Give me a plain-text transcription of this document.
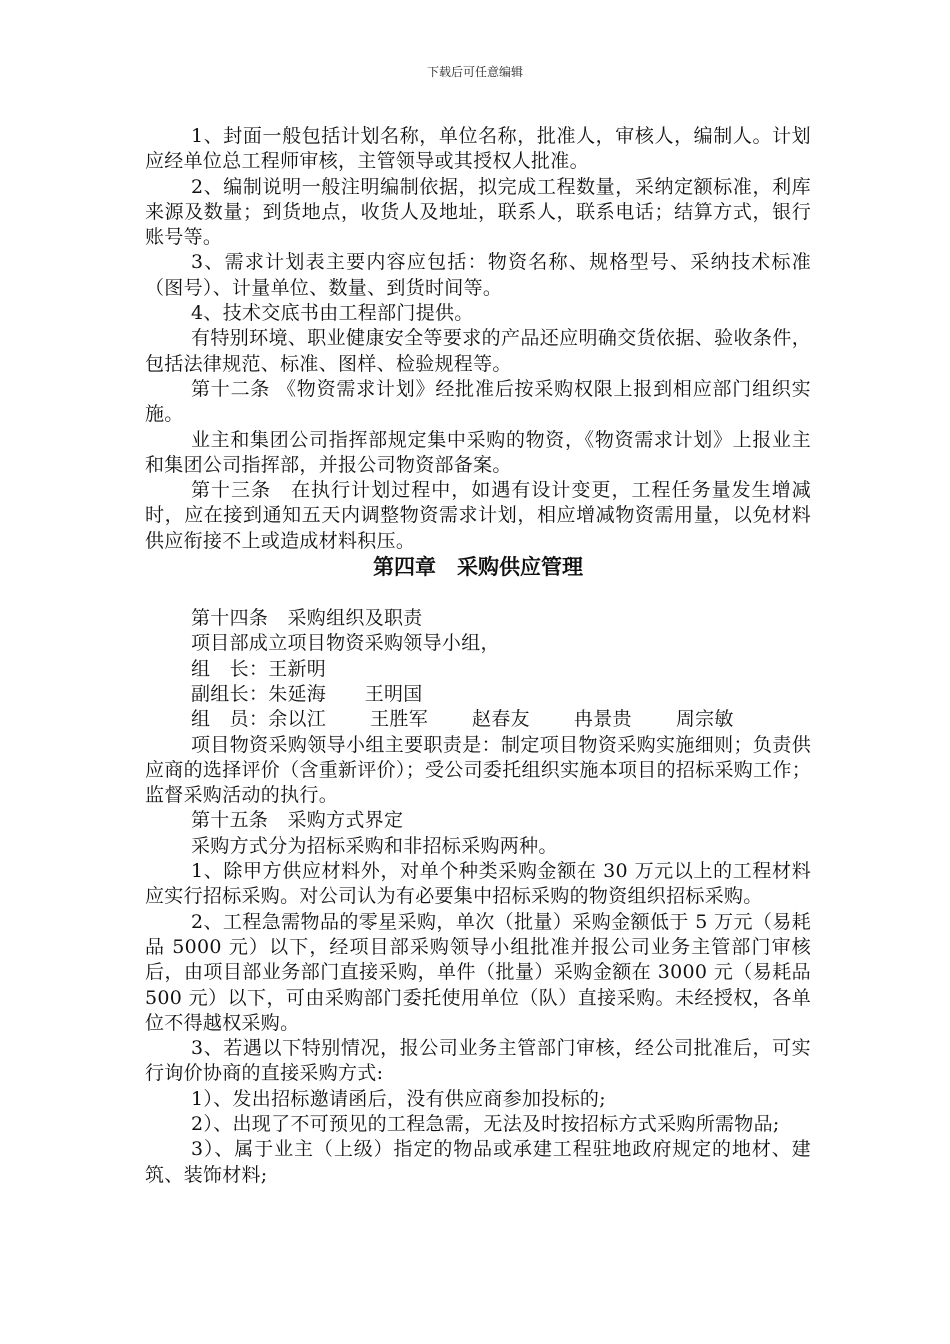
下载后可任意编辑

1、封面一般包括计划名称，单位名称，批准人，审核人，编制人。计划应经单位总工程师审核，主管领导或其授权人批准。

2、编制说明一般注明编制依据，拟完成工程数量，采纳定额标准，利库来源及数量；到货地点，收货人及地址，联系人，联系电话；结算方式，银行账号等。

3、需求计划表主要内容应包括：物资名称、规格型号、采纳技术标准（图号）、计量单位、数量、到货时间等。

4、技术交底书由工程部门提供。

有特别环境、职业健康安全等要求的产品还应明确交货依据、验收条件，包括法律规范、标准、图样、检验规程等。

第十二条 《物资需求计划》经批准后按采购权限上报到相应部门组织实施。

业主和集团公司指挥部规定集中采购的物资，《物资需求计划》上报业主和集团公司指挥部，并报公司物资部备案。

第十三条　在执行计划过程中，如遇有设计变更，工程任务量发生增减时，应在接到通知五天内调整物资需求计划，相应增减物资需用量，以免材料供应衔接不上或造成材料积压。

第四章　采购供应管理

第十四条　采购组织及职责

项目部成立项目物资采购领导小组，

组　长：王新明

副组长：朱延海　　王明国

组　员：余以江 王胜军 赵春友 冉景贵 周宗敏

项目物资采购领导小组主要职责是：制定项目物资采购实施细则；负责供应商的选择评价（含重新评价）；受公司委托组织实施本项目的招标采购工作；监督采购活动的执行。

第十五条　采购方式界定

采购方式分为招标采购和非招标采购两种。

1、除甲方供应材料外，对单个种类采购金额在 30 万元以上的工程材料应实行招标采购。对公司认为有必要集中招标采购的物资组织招标采购。

2、工程急需物品的零星采购，单次（批量）采购金额低于 5 万元（易耗品 5000 元）以下，经项目部采购领导小组批准并报公司业务主管部门审核后，由项目部业务部门直接采购，单件（批量）采购金额在 3000 元（易耗品 500 元）以下，可由采购部门委托使用单位（队）直接采购。未经授权，各单位不得越权采购。

3、若遇以下特别情况，报公司业务主管部门审核，经公司批准后，可实行询价协商的直接采购方式:

1）、发出招标邀请函后，没有供应商参加投标的;

2）、出现了不可预见的工程急需，无法及时按招标方式采购所需物品;

3）、属于业主（上级）指定的物品或承建工程驻地政府规定的地材、建筑、装饰材料;
